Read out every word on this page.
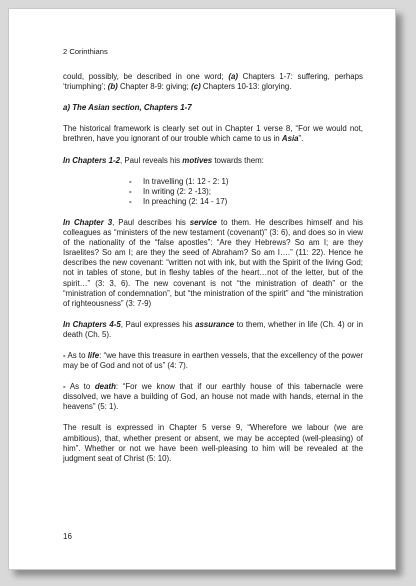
2 Corinthians

could, possibly, be described in one word; (a) Chapters 1-7: suffering, perhaps ‘triumphing’; (b) Chapter 8-9: giving; (c) Chapters 10-13: glorying.

a) The Asian section, Chapters 1-7

The historical framework is clearly set out in Chapter 1 verse 8, “For we would not, brethren, have you ignorant of our trouble which came to us in Asia”.

In Chapters 1-2, Paul reveals his motives towards them:

- In travelling (1: 12 - 2: 1)
- In writing (2: 2 -13);
- In preaching (2: 14 - 17)

In Chapter 3, Paul describes his service to them. He describes himself and his colleagues as “ministers of the new testament (covenant)” (3: 6), and does so in view of the nationality of the “false apostles”: “Are they Hebrews? So am I; are they Israelites? So am I; are they the seed of Abraham? So am I….” (11: 22). Hence he describes the new covenant: “written not with ink, but with the Spirit of the living God; not in tables of stone, but in fleshy tables of the heart…not of the letter, but of the spirit…” (3: 3, 6). The new covenant is not “the ministration of death” or the “ministration of condemnation”, but “the ministration of the spirit” and “the ministration of righteousness” (3: 7-9)

In Chapters 4-5, Paul expresses his assurance to them, whether in life (Ch. 4) or in death (Ch. 5).

- As to life: “we have this treasure in earthen vessels, that the excellency of the power may be of God and not of us” (4: 7).

- As to death: “For we know that if our earthly house of this tabernacle were dissolved, we have a building of God, an house not made with hands, eternal in the heavens” (5: 1).

The result is expressed in Chapter 5 verse 9, “Wherefore we labour (we are ambitious), that, whether present or absent, we may be accepted (well-pleasing) of him”. Whether or not we have been well-pleasing to him will be revealed at the judgment seat of Christ (5: 10).

16
